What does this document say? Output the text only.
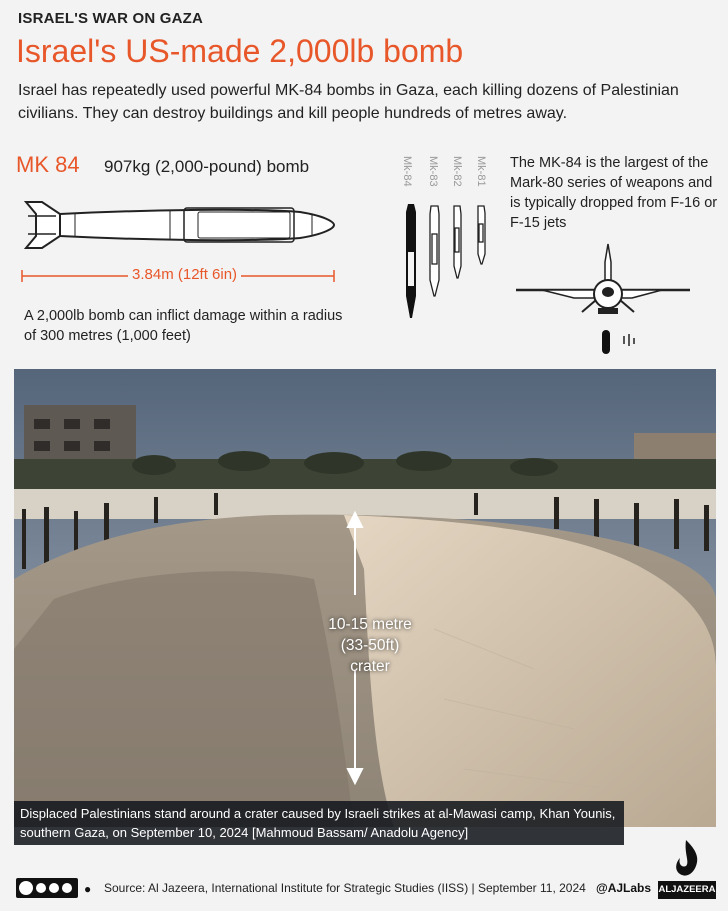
ISRAEL'S WAR ON GAZA
Israel's US-made 2,000lb bomb
Israel has repeatedly used powerful MK-84 bombs in Gaza, each killing dozens of Palestinian civilians. They can destroy buildings and kill people hundreds of metres away.
MK 84 907kg (2,000-pound) bomb
3.84m (12ft 6in)
A 2,000lb bomb can inflict damage within a radius of 300 metres (1,000 feet)
Mk-84 Mk-83 Mk-82 Mk-81 The MK-84 is the largest of the Mark-80 series of weapons and is typically dropped from F-16 or F-15 jets
10-15 metre
(33-50ft)
crater
Displaced Palestinians stand around a crater caused by Israeli strikes at al-Mawasi camp, Khan Younis, southern Gaza, on September 10, 2024 [Mahmoud Bassam/ Anadolu Agency]
● Source: Al Jazeera, International Institute for Strategic Studies (IISS) | September 11, 2024 @AJLabs ALJAZEERA
